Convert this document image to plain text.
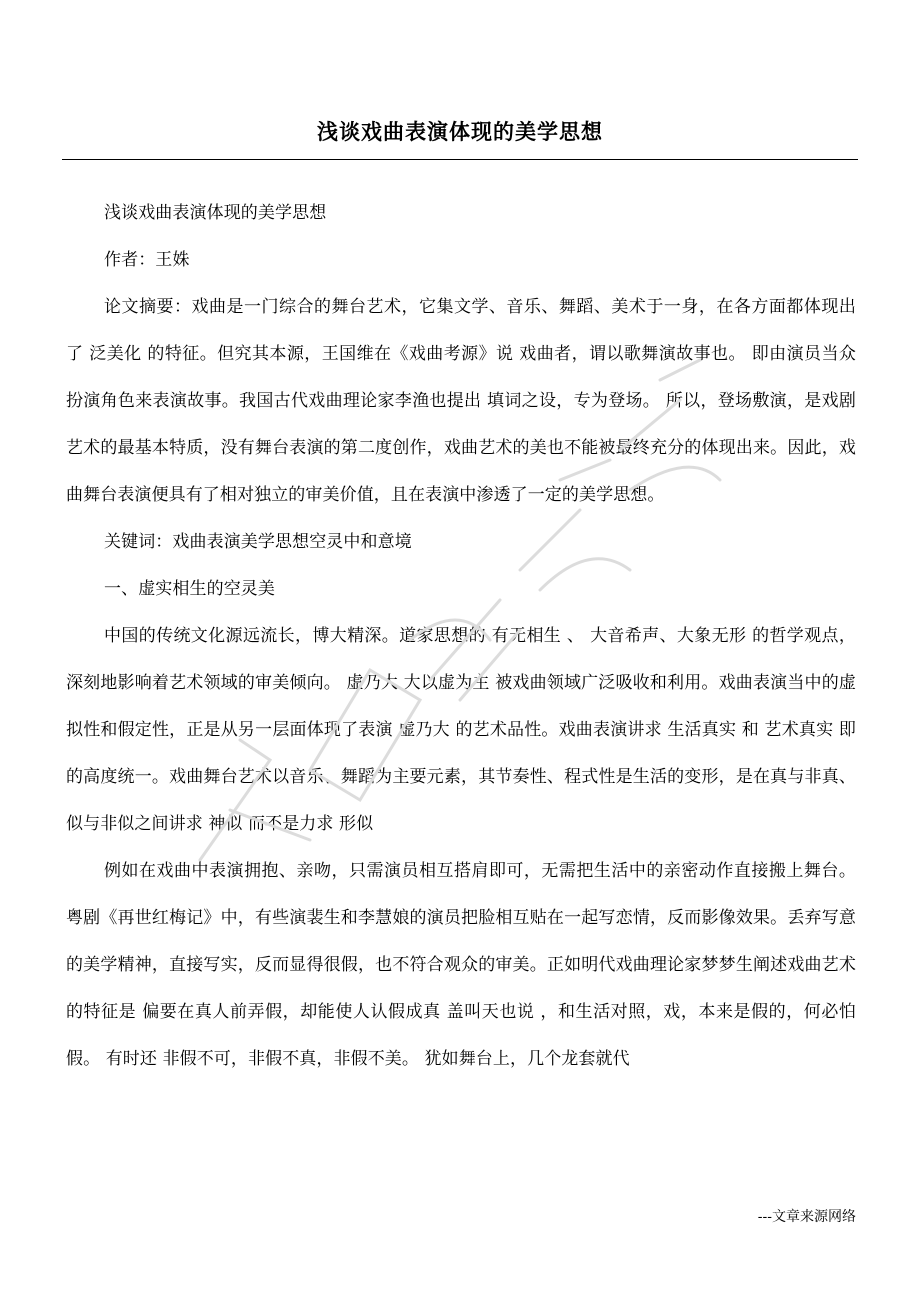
浅谈戏曲表演体现的美学思想

浅谈戏曲表演体现的美学思想

作者：王姝

论文摘要：戏曲是一门综合的舞台艺术，它集文学、音乐、舞蹈、美术于一身，在各方面都体现出了 泛美化 的特征。但究其本源，王国维在《戏曲考源》说 戏曲者，谓以歌舞演故事也。 即由演员当众扮演角色来表演故事。我国古代戏曲理论家李渔也提出 填词之设，专为登场。 所以，登场敷演，是戏剧艺术的最基本特质，没有舞台表演的第二度创作，戏曲艺术的美也不能被最终充分的体现出来。因此，戏曲舞台表演便具有了相对独立的审美价值，且在表演中渗透了一定的美学思想。

关键词：戏曲表演美学思想空灵中和意境

一、虚实相生的空灵美

中国的传统文化源远流长，博大精深。道家思想的 有无相生 、 大音希声、大象无形 的哲学观点，深刻地影响着艺术领域的审美倾向。 虚乃大 大以虚为主 被戏曲领域广泛吸收和利用。戏曲表演当中的虚拟性和假定性，正是从另一层面体现了表演 虚乃大 的艺术品性。戏曲表演讲求 生活真实 和 艺术真实 即的高度统一。戏曲舞台艺术以音乐、舞蹈为主要元素，其节奏性、程式性是生活的变形，是在真与非真、似与非似之间讲求 神似 而不是力求 形似

例如在戏曲中表演拥抱、亲吻，只需演员相互搭肩即可，无需把生活中的亲密动作直接搬上舞台。粤剧《再世红梅记》中，有些演裴生和李慧娘的演员把脸相互贴在一起写恋情，反而影像效果。丢弃写意的美学精神，直接写实，反而显得很假，也不符合观众的审美。正如明代戏曲理论家梦梦生阐述戏曲艺术的特征是 偏要在真人前弄假，却能使人认假成真 盖叫天也说 ，和生活对照，戏，本来是假的，何必怕假。 有时还 非假不可，非假不真，非假不美。 犹如舞台上，几个龙套就代

---文章来源网络
